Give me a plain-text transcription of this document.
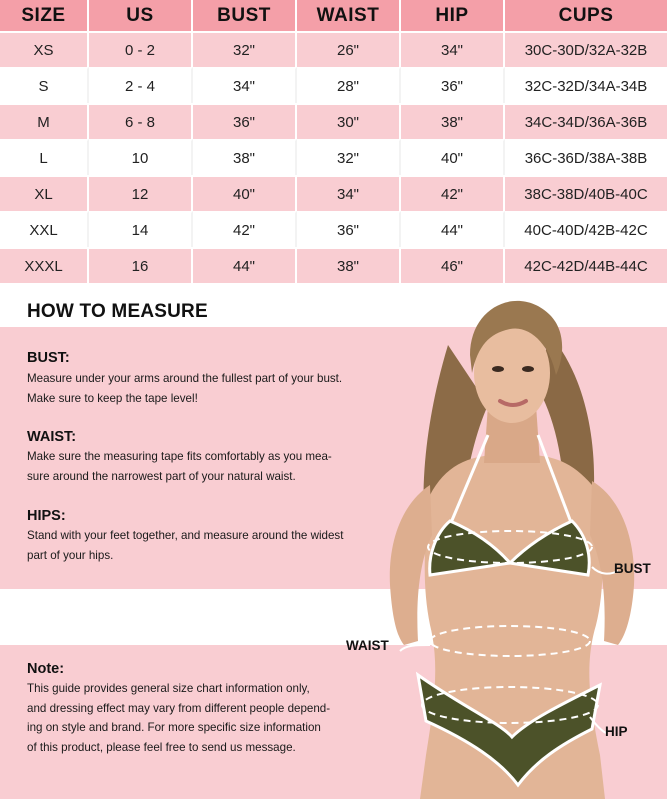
SIZE	US	BUST	WAIST	HIP	CUPS
XS	0 - 2	32"	26"	34"	30C-30D/32A-32B
S	2 - 4	34"	28"	36"	32C-32D/34A-34B
M	6 - 8	36"	30"	38"	34C-34D/36A-36B
L	10	38"	32"	40"	36C-36D/38A-38B
XL	12	40"	34"	42"	38C-38D/40B-40C
XXL	14	42"	36"	44"	40C-40D/42B-42C
XXXL	16	44"	38"	46"	42C-42D/44B-44C
HOW TO MEASURE
BUST:
Measure under your arms around the fullest part of your bust.
Make sure to keep the tape level!
WAIST:
Make sure the measuring tape fits comfortably as you mea-
sure around the narrowest part of your natural waist.
HIPS:
Stand with your feet together, and measure around the widest
part of your hips.
Note:
This guide provides general size chart information only,
and dressing effect may vary from different people depend-
ing on style and brand. For more specific size information
of this product, please feel free to send us message.
BUST
WAIST
HIP
